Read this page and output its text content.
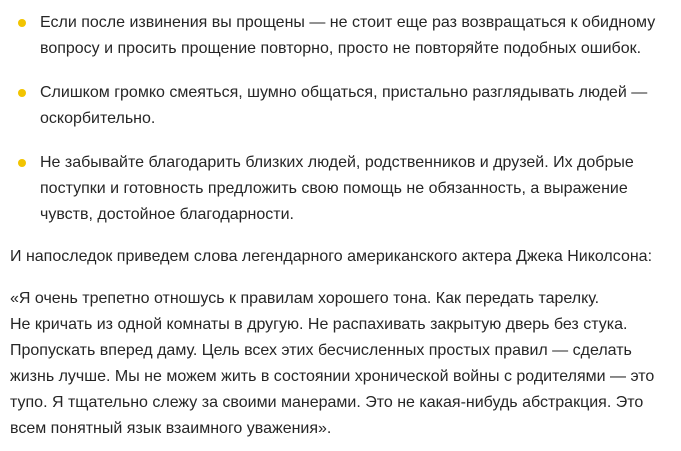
Если после извинения вы прощены — не стоит еще раз возвращаться к обидному вопросу и просить прощение повторно, просто не повторяйте подобных ошибок.
Слишком громко смеяться, шумно общаться, пристально разглядывать людей — оскорбительно.
Не забывайте благодарить близких людей, родственников и друзей. Их добрые поступки и готовность предложить свою помощь не обязанность, а выражение чувств, достойное благодарности.

И напоследок приведем слова легендарного американского актера Джека Николсона:

«Я очень трепетно отношусь к правилам хорошего тона. Как передать тарелку.

Не кричать из одной комнаты в другую. Не распахивать закрытую дверь без стука. Пропускать вперед даму. Цель всех этих бесчисленных простых правил — сделать жизнь лучше. Мы не можем жить в состоянии хронической войны с родителями — это тупо. Я тщательно слежу за своими манерами. Это не какая-нибудь абстракция. Это всем понятный язык взаимного уважения».
